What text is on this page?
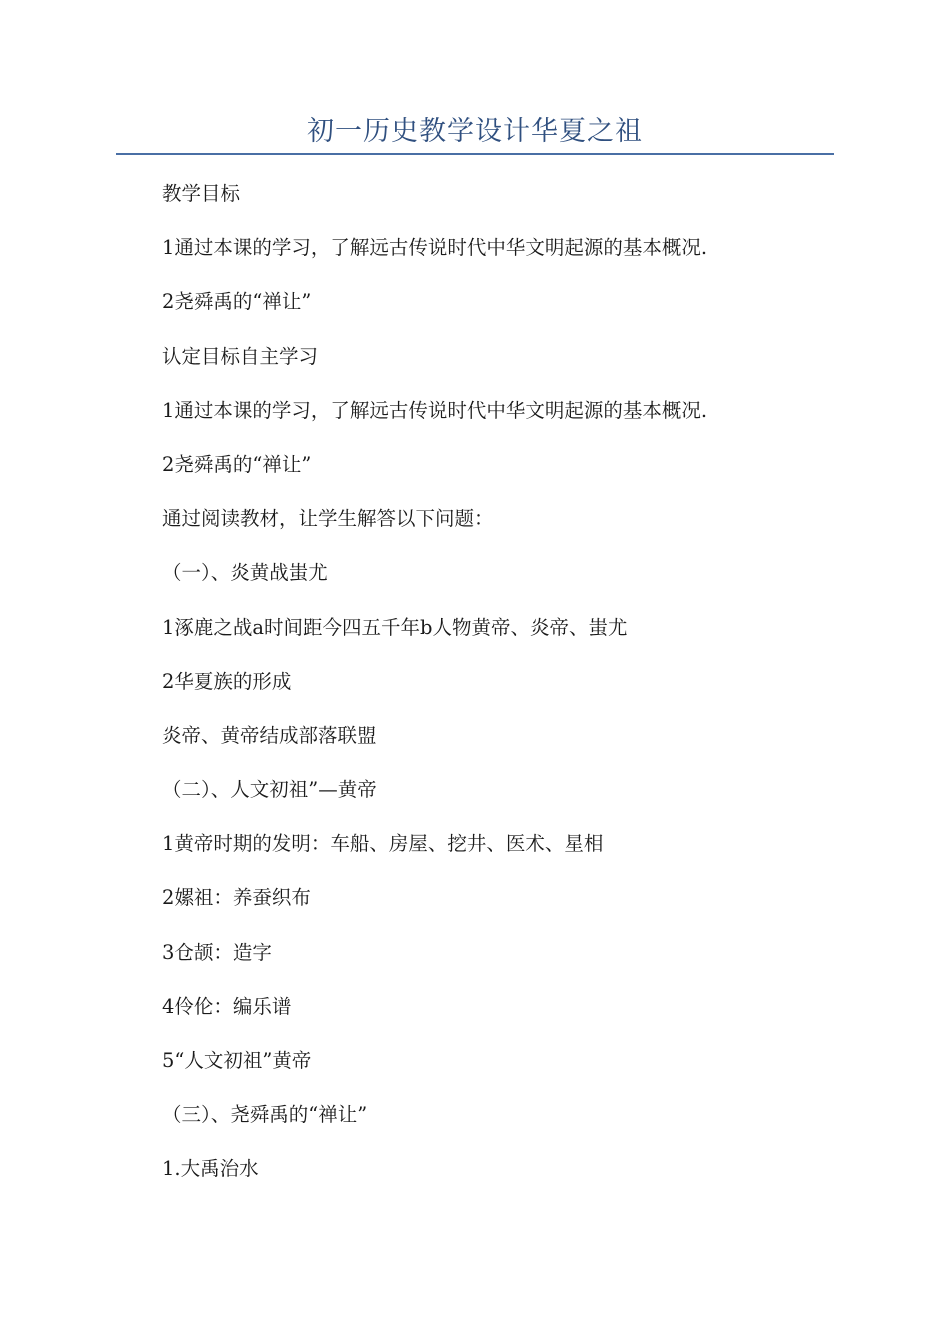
初一历史教学设计华夏之祖
教学目标
1通过本课的学习，了解远古传说时代中华文明起源的基本概况.
2尧舜禹的“禅让”
认定目标自主学习
1通过本课的学习，了解远古传说时代中华文明起源的基本概况.
2尧舜禹的“禅让”
通过阅读教材，让学生解答以下问题：
（一）、炎黄战蚩尤
1涿鹿之战a时间距今四五千年b人物黄帝、炎帝、蚩尤
2华夏族的形成
炎帝、黄帝结成部落联盟
（二）、人文初祖”—黄帝
1黄帝时期的发明：车船、房屋、挖井、医术、星相
2嫘祖：养蚕织布
3仓颉：造字
4伶伦：编乐谱
5“人文初祖”黄帝
（三）、尧舜禹的“禅让”
1.大禹治水
